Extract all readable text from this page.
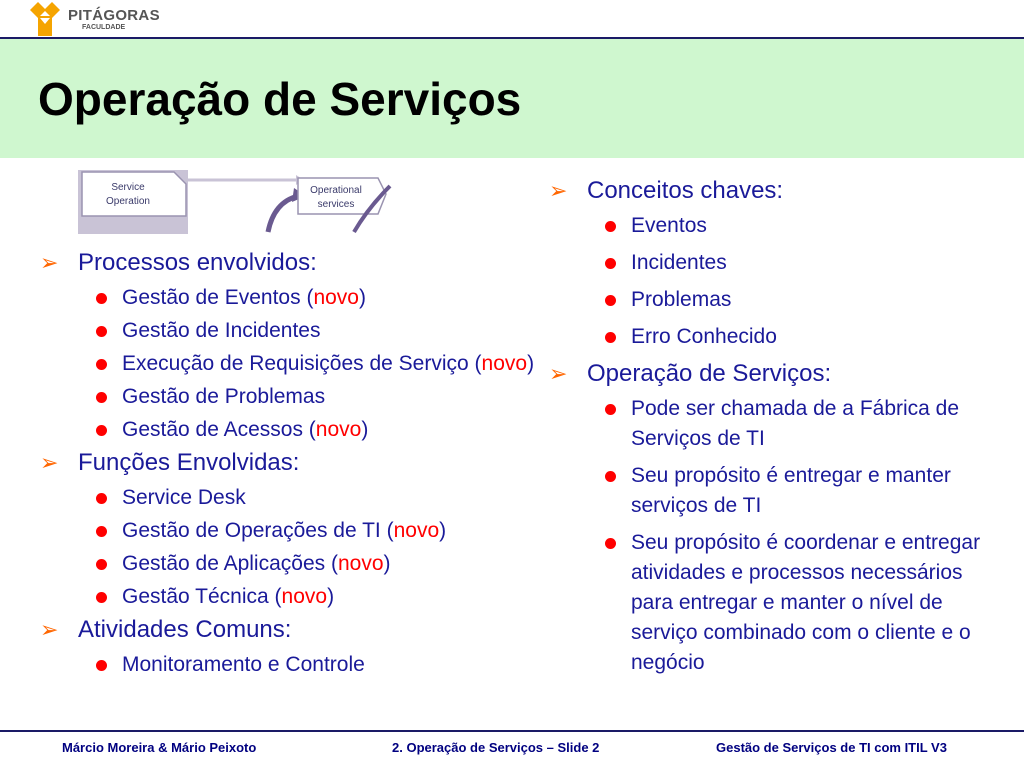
PITÁGORAS
FACULDADE
Operação de Serviços
Service
Operation
Operational
services
➢ Processos envolvidos:
Gestão de Eventos (novo)
Gestão de Incidentes
Execução de Requisições de Serviço (novo)
Gestão de Problemas
Gestão de Acessos (novo)
➢ Funções Envolvidas:
Service Desk
Gestão de Operações de TI (novo)
Gestão de Aplicações (novo)
Gestão Técnica (novo)
➢ Atividades Comuns:
Monitoramento e Controle
➢ Conceitos chaves:
Eventos
Incidentes
Problemas
Erro Conhecido
➢ Operação de Serviços:
Pode ser chamada de a Fábrica de Serviços de TI
Seu propósito é entregar e manter serviços de TI
Seu propósito é coordenar e entregar atividades e processos necessários para entregar e manter o nível de serviço combinado com o cliente e o negócio
Márcio Moreira & Mário Peixoto	2. Operação de Serviços – Slide 2	Gestão de Serviços de TI com ITIL V3
